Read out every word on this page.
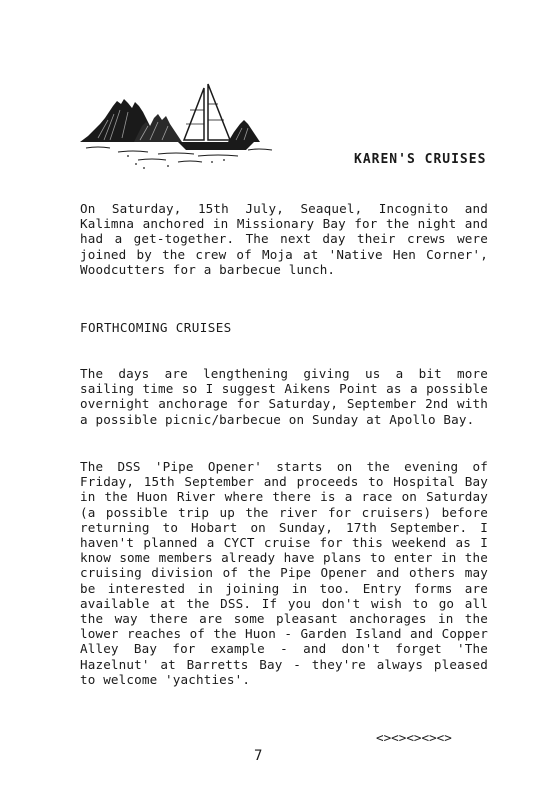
KAREN'S CRUISES

On Saturday, 15th July, Seaquel, Incognito and Kalimna anchored in Missionary Bay for the night and had a get-together. The next day their crews were joined by the crew of Moja at 'Native Hen Corner', Woodcutters for a barbecue lunch.

FORTHCOMING CRUISES

The days are lengthening giving us a bit more sailing time so I suggest Aikens Point as a possible overnight anchorage for Saturday, September 2nd with a possible picnic/barbecue on Sunday at Apollo Bay.

The DSS 'Pipe Opener' starts on the evening of Friday, 15th September and proceeds to Hospital Bay in the Huon River where there is a race on Saturday (a possible trip up the river for cruisers) before returning to Hobart on Sunday, 17th September. I haven't planned a CYCT cruise for this weekend as I know some members already have plans to enter in the cruising division of the Pipe Opener and others may be interested in joining in too. Entry forms are available at the DSS. If you don't wish to go all the way there are some pleasant anchorages in the lower reaches of the Huon - Garden Island and Copper Alley Bay for example - and don't forget 'The Hazelnut' at Barretts Bay - they're always pleased to welcome 'yachties'.

<><><><><>
7
